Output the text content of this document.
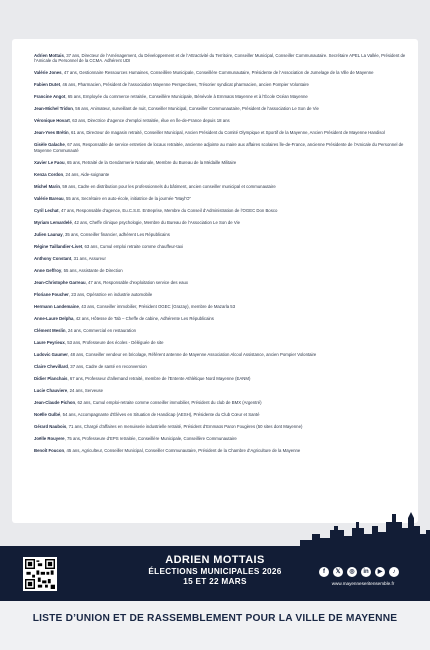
Adrien Mottais, 37 ans, Directeur de l’Aménagement, du Développement et de l’Attractivité du Territoire, Conseiller Municipal, Conseiller Communautaire. Secrétaire APEL La Vallée, Président de l’Amicale du Personnel de la CCMA. Adhérent UDI

Valérie Jones, 47 ans, Gestionnaire Ressources Humaines, Conseillère Municipale, Conseillère Communautaire, Présidente de l’Association de Jumelage de la Ville de Mayenne

Fabien Dutet, 46 ans, Pharmacien, Président de l’association Mayenne Perspectives, Trésorier syndicat pharmacien, ancien Pompier Volontaire

Francine Angot, 65 ans, Employée du commerce retraitée, Conseillère Municipale, Bénévole à Emmaüs Mayenne et à l’École Océan Mayenne

Jean-Michel Tridon, 56 ans, Animateur, surveillant de nuit, Conseiller Municipal, Conseiller Communautaire, Président de l’association Le Son de Vie

Véronique Hovart, 63 ans, Directrice d’agence d’emploi retraitée, élue en Île-de-France depuis 18 ans

Jean-Yves Brétin, 61 ans, Directeur de magasin retraité, Conseiller Municipal, Ancien Président du Comité Olympique et Sportif de la Mayenne, Ancien Président de Mayenne Handisol

Gisèle Galache, 67 ans, Responsable de service entretien de locaux retraitée, ancienne adjointe au maire aux affaires scolaires Île-de-France, ancienne Présidente de l’Amicale du Personnel de Mayenne Communauté

Xavier Le Faou, 65 ans, Retraité de la Gendarmerie Nationale, Membre du Bureau de la Médaille Militaire

Kenza Cordon, 24 ans, Aide-soignante

Michel Marin, 59 ans, Cadre en distribution pour les professionnels du bâtiment, ancien conseiller municipal et communautaire

Valérie Bareau, 55 ans, Secrétaire en auto-école, initiatrice de la journée “Mayl’O”

Cyril Lechat, 47 ans, Responsable d’agence, Eu.C.S.E. Entreprise, Membre du Conseil d’Administration de l’OGEC Don Bosco

Myriam Lemardelé, 42 ans, Cheffe clinique psychologie, Membre du Bureau de l’Association Le Son de Vie

Julien Launay, 35 ans, Conseiller financier, adhérent Les Républicains

Régine Taillandier-Livet, 63 ans, Cumul emploi retraite comme chauffeur-taxi

Anthony Constant, 31 ans, Assureur

Anne Geffroy, 55 ans, Assistante de Direction

Jean-Christophe Garreau, 47 ans, Responsable d’exploitation service des eaux

Floriane Foucher, 23 ans, Opératrice en industrie automobile

Hermann Landemaine, 43 ans, Conseiller immobilier, Président OGEC (Grazay), membre de Mazarla 53

Anne-Laure Delpha, 42 ans, Hôtesse de Tab – Cheffe de cabine, Adhérente Les Républicains

Clément Meslin, 24 ans, Commercial en restauration

Laure Peyrieux, 53 ans, Professeure des écoles - Déléguée de site

Ludovic Gaumer, 48 ans, Conseiller vendeur en bricolage, Référent antenne de Mayenne Association Alcool Assistance, ancien Pompier Volontaire

Claire Chevillard, 37 ans, Cadre de santé en reconversion

Didier Planchais, 67 ans, Professeur d’allemand retraité, membre de l’Entente Athlétique Nord Mayenne (EANM)

Lucie Chauviere, 24 ans, Serveuse

Jean-Claude Pichon, 62 ans, Cumul emploi-retraite comme conseiller immobilier, Président du club de BMX (Argentré)

Noëlle Gulbé, 54 ans, Accompagnante d’Élèves en Situation de Handicap (AESH), Présidente du Club Cœur et Santé

Gérard Naubois, 71 ans, Chargé d’affaires en menuiserie industrielle retraité, Président d’Emmaüs Paron Fougères (50 sites dont Mayenne)

Joëlle Rouyere, 75 ans, Professeure d’EPS retraitée, Conseillère Municipale, Conseillère Communautaire

Benoît Foucon, 45 ans, Agriculteur, Conseiller Municipal, Conseiller Communautaire, Président de la Chambre d’Agriculture de la Mayenne

ADRIEN MOTTAIS
ÉLECTIONS MUNICIPALES 2026
15 ET 22 MARS
f	𝕏	◎	in	▶	♪
www.mayenneseritensemble.fr
LISTE D’UNION ET DE RASSEMBLEMENT POUR LA VILLE DE MAYENNE
